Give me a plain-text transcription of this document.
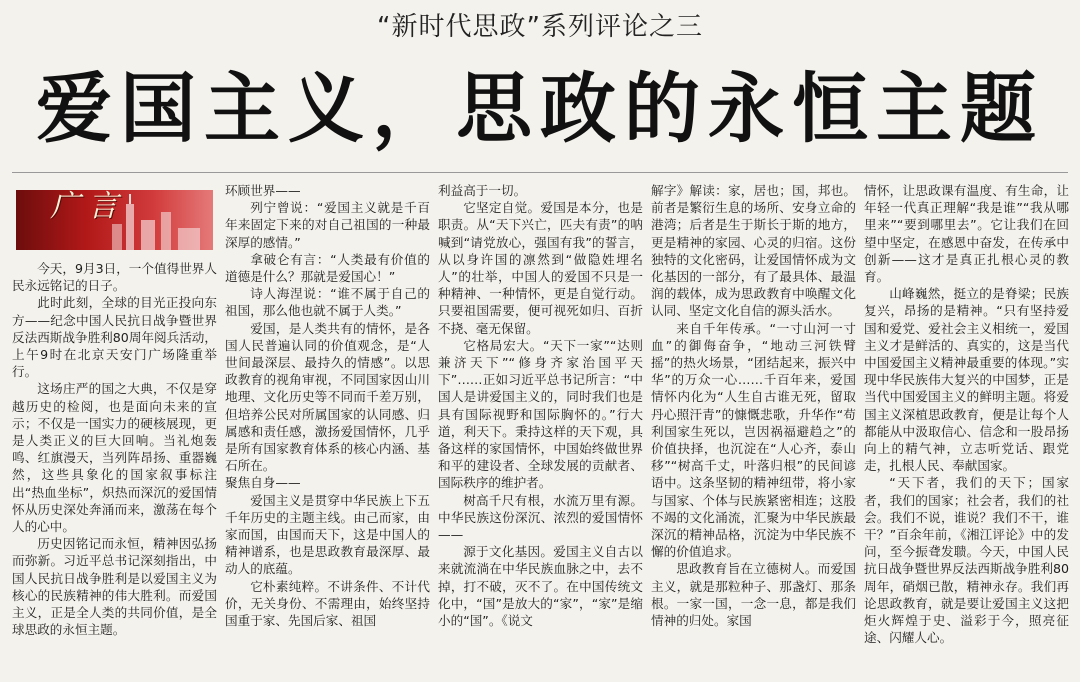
“新时代思政”系列评论之三
爱国主义，思政的永恒主题
广言

今天，9月3日，一个值得世界人民永远铭记的日子。

此时此刻，全球的目光正投向东方——纪念中国人民抗日战争暨世界反法西斯战争胜利80周年阅兵活动，上午9时在北京天安门广场隆重举行。

这场庄严的国之大典，不仅是穿越历史的检阅，也是面向未来的宣示；不仅是一国实力的硬核展现，更是人类正义的巨大回响。当礼炮轰鸣、红旗漫天，当列阵昂扬、重器巍然，这些具象化的国家叙事标注出“热血坐标”，炽热而深沉的爱国情怀从历史深处奔涌而来，激荡在每个人的心中。

历史因铭记而永恒，精神因弘扬而弥新。习近平总书记深刻指出，中国人民抗日战争胜利是以爱国主义为核心的民族精神的伟大胜利。而爱国主义，正是全人类的共同价值，是全球思政的永恒主题。

环顾世界——

列宁曾说：“爱国主义就是千百年来固定下来的对自己祖国的一种最深厚的感情。”

拿破仑有言：“人类最有价值的道德是什么？那就是爱国心！”

诗人海涅说：“谁不属于自己的祖国，那么他也就不属于人类。”

爱国，是人类共有的情怀，是各国人民普遍认同的价值观念，是“人世间最深层、最持久的情感”。以思政教育的视角审视，不同国家因山川地理、文化历史等不同而千差万别，但培养公民对所属国家的认同感、归属感和责任感，激扬爱国情怀，几乎是所有国家教育体系的核心内涵、基石所在。

聚焦自身——

爱国主义是贯穿中华民族上下五千年历史的主题主线。由己而家，由家而国，由国而天下，这是中国人的精神谱系，也是思政教育最深厚、最动人的底蕴。

它朴素纯粹。不讲条件、不计代价，无关身份、不需理由，始终坚持国重于家、先国后家、祖国

利益高于一切。

它坚定自觉。爱国是本分，也是职责。从“天下兴亡，匹夫有责”的呐喊到“请党放心，强国有我”的誓言，从以身许国的凛然到“做隐姓埋名人”的壮举，中国人的爱国不只是一种精神、一种情怀，更是自觉行动。只要祖国需要，便可视死如归、百折不挠、毫无保留。

它格局宏大。“天下一家”“达则兼济天下”“修身齐家治国平天下”……正如习近平总书记所言：“中国人是讲爱国主义的，同时我们也是具有国际视野和国际胸怀的。”行大道，利天下。秉持这样的天下观，具备这样的家国情怀，中国始终做世界和平的建设者、全球发展的贡献者、国际秩序的维护者。

树高千尺有根，水流万里有源。中华民族这份深沉、浓烈的爱国情怀——

源于文化基因。爱国主义自古以来就流淌在中华民族血脉之中，去不掉，打不破，灭不了。在中国传统文化中，“国”是放大的“家”，“家”是缩小的“国”。《说文

解字》解读：家，居也；国，邦也。前者是繁衍生息的场所、安身立命的港湾；后者是生于斯长于斯的地方，更是精神的家园、心灵的归宿。这份独特的文化密码，让爱国情怀成为文化基因的一部分，有了最具体、最温润的载体，成为思政教育中唤醒文化认同、坚定文化自信的源头活水。

来自千年传承。“一寸山河一寸血”的御侮奋争，“地动三河铁臂摇”的热火场景，“团结起来，振兴中华”的万众一心……千百年来，爱国情怀内化为“人生自古谁无死，留取丹心照汗青”的慷慨悲歌，升华作“苟利国家生死以，岂因祸福避趋之”的价值抉择，也沉淀在“人心齐，泰山移”“树高千丈，叶落归根”的民间谚语中。这条坚韧的精神纽带，将小家与国家、个体与民族紧密相连；这股不竭的文化涌流，汇聚为中华民族最深沉的精神品格，沉淀为中华民族不懈的价值追求。

思政教育旨在立德树人。而爱国主义，就是那粒种子、那盏灯、那条根。一家一国，一念一息，都是我们情神的归处。家国

情怀，让思政课有温度、有生命，让年轻一代真正理解“我是谁”“我从哪里来”“要到哪里去”。它让我们在回望中坚定，在感恩中奋发，在传承中创新——这才是真正扎根心灵的教育。

山峰巍然，挺立的是脊梁；民族复兴，昂扬的是精神。“只有坚持爱国和爱党、爱社会主义相统一，爱国主义才是鲜活的、真实的，这是当代中国爱国主义精神最重要的体现。”实现中华民族伟大复兴的中国梦，正是当代中国爱国主义的鲜明主题。将爱国主义深植思政教育，便是让每个人都能从中汲取信心、信念和一股昂扬向上的精气神，立志听党话、跟党走，扎根人民、奉献国家。

“天下者，我们的天下；国家者，我们的国家；社会者，我们的社会。我们不说，谁说？我们不干，谁干？”百余年前，《湘江评论》中的发问，至今振聋发聩。今天，中国人民抗日战争暨世界反法西斯战争胜利80周年，硝烟已散，精神永存。我们再论思政教育，就是要让爱国主义这把炬火辉煌于史、溢彩于今，照亮征途、闪耀人心。
